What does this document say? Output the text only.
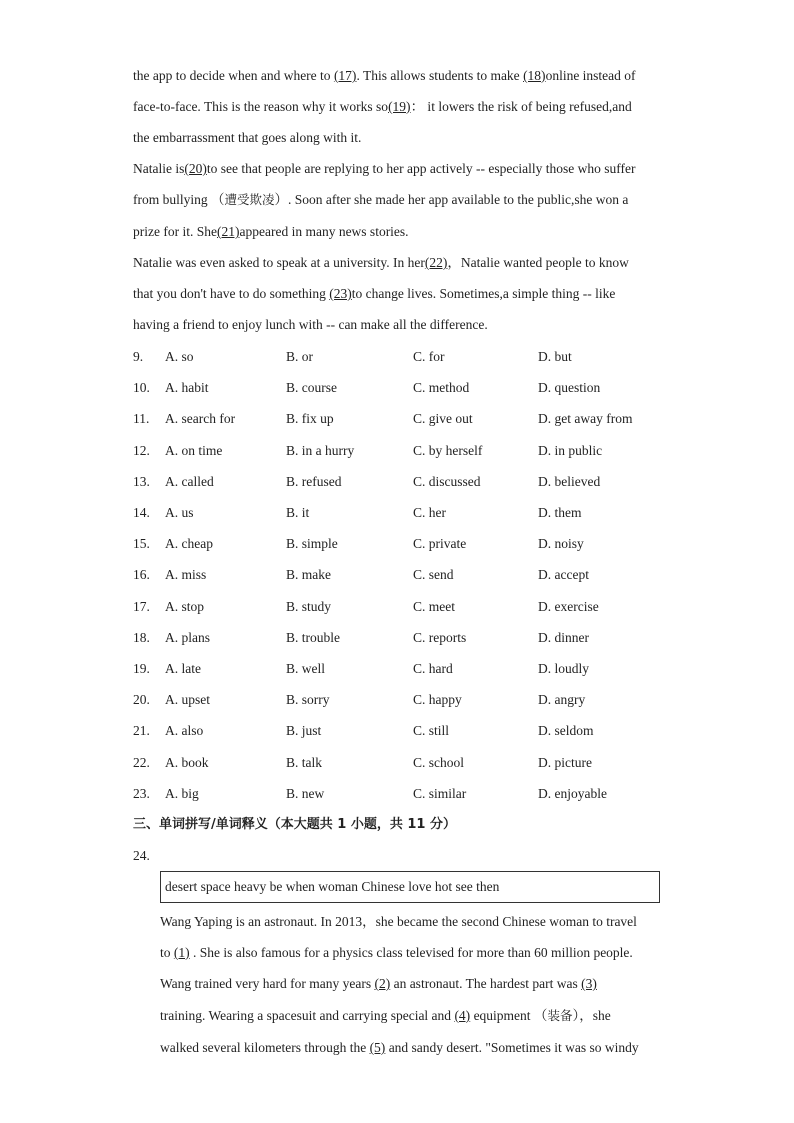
the app to decide when and where to (17). This allows students to make (18)online instead of
face-to-face. This is the reason why it works so(19)： it lowers the risk of being refused,and
the embarrassment that goes along with it.
Natalie is(20)to see that people are replying to her app actively -- especially those who suffer
from bullying （遭受欺凌）. Soon after she made her app available to the public,she won a
prize for it. She(21)appeared in many news stories.
Natalie was even asked to speak at a university. In her(22)，Natalie wanted people to know
that you don't have to do something (23)to change lives. Sometimes,a simple thing -- like
having a friend to enjoy lunch with -- can make all the difference.
9. A. so	B. or	C. for	D. but
10. A. habit	B. course	C. method	D. question
11. A. search for	B. fix up	C. give out	D. get away from
12. A. on time	B. in a hurry	C. by herself	D. in public
13. A. called	B. refused	C. discussed	D. believed
14. A. us	B. it	C. her	D. them
15. A. cheap	B. simple	C. private	D. noisy
16. A. miss	B. make	C. send	D. accept
17. A. stop	B. study	C. meet	D. exercise
18. A. plans	B. trouble	C. reports	D. dinner
19. A. late	B. well	C. hard	D. loudly
20. A. upset	B. sorry	C. happy	D. angry
21. A. also	B. just	C. still	D. seldom
22. A. book	B. talk	C. school	D. picture
23. A. big	B. new	C. similar	D. enjoyable
三、单词拼写/单词释义（本大题共 1 小题，共 11 分）
24.
desert space heavy be when woman Chinese love hot see then
Wang Yaping is an astronaut. In 2013，she became the second Chinese woman to travel
to (1) . She is also famous for a physics class televised for more than 60 million people.
Wang trained very hard for many years (2) an astronaut. The hardest part was (3)
training. Wearing a spacesuit and carrying special and (4) equipment （装备），she
walked several kilometers through the (5) and sandy desert. "Sometimes it was so windy
